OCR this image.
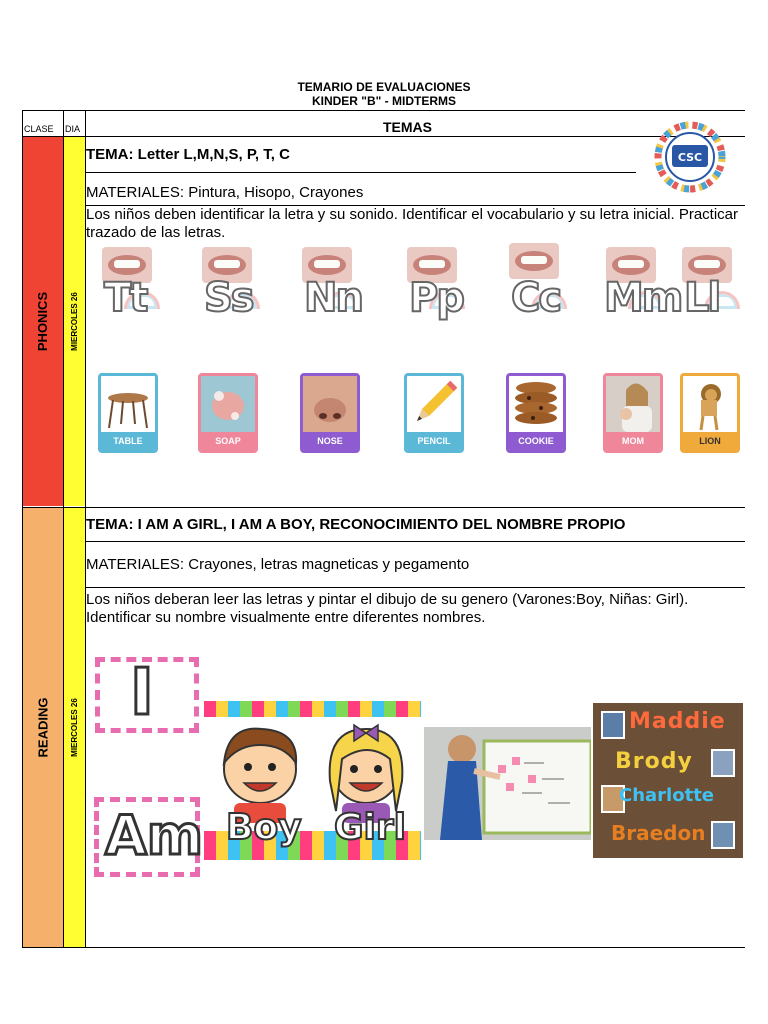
TEMARIO DE EVALUACIONES
KINDER "B" - MIDTERMS
CLASE DIA	TEMAS
CSC
PHONICS MIERCOLES 26
TEMA: Letter L,M,N,S, P, T, C
MATERIALES: Pintura, Hisopo, Crayones
Los niños deben identificar la letra y su sonido. Identificar el vocabulario y su letra inicial. Practicar trazado de las letras.
Tt Ss Nn Pp Cc Mm Ll
TABLE	SOAP	NOSE	PENCIL	COOKIE	MOM	LION
READING MIERCOLES 26
TEMA: I AM A GIRL, I AM A BOY, RECONOCIMIENTO DEL NOMBRE PROPIO
MATERIALES: Crayones, letras magneticas y pegamento
Los niños deberan leer las letras y pintar el dibujo de su genero (Varones:Boy, Niñas: Girl). Identificar su nombre visualmente entre diferentes nombres.
I
Am Boy Girl
Maddie
Brody
Charlotte
Braedon
